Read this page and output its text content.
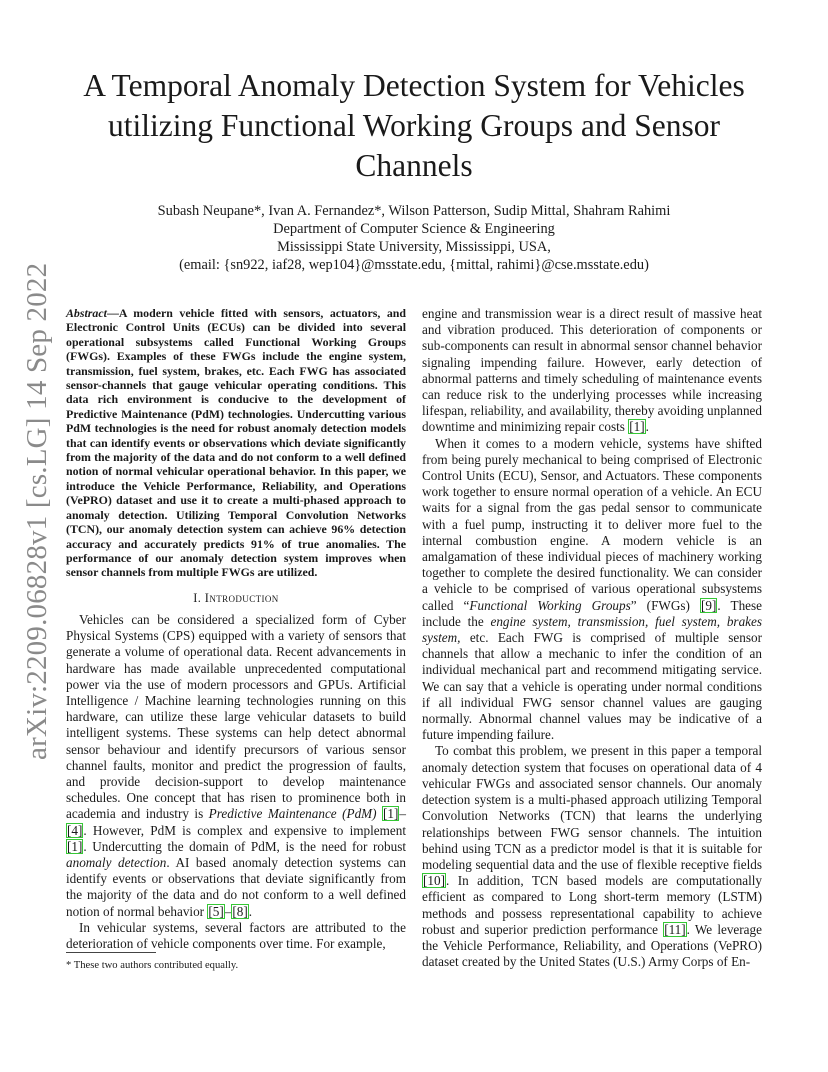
A Temporal Anomaly Detection System for Vehicles utilizing Functional Working Groups and Sensor Channels
Subash Neupane*, Ivan A. Fernandez*, Wilson Patterson, Sudip Mittal, Shahram Rahimi
Department of Computer Science & Engineering
Mississippi State University, Mississippi, USA,
(email: {sn922, iaf28, wep104}@msstate.edu, {mittal, rahimi}@cse.msstate.edu)
arXiv:2209.06828v1 [cs.LG] 14 Sep 2022	Abstract—A modern vehicle fitted with sensors, actuators, and Electronic Control Units (ECUs) can be divided into several operational subsystems called Functional Working Groups (FWGs). Examples of these FWGs include the engine system, transmission, fuel system, brakes, etc. Each FWG has associated sensor-channels that gauge vehicular operating conditions. This data rich environment is conducive to the development of Predictive Maintenance (PdM) technologies. Undercutting various PdM technologies is the need for robust anomaly detection models that can identify events or observations which deviate significantly from the majority of the data and do not conform to a well defined notion of normal vehicular operational behavior. In this paper, we introduce the Vehicle Performance, Reliability, and Operations (VePRO) dataset and use it to create a multi-phased approach to anomaly detection. Utilizing Temporal Convolution Networks (TCN), our anomaly detection system can achieve 96% detection accuracy and accurately predicts 91% of true anomalies. The performance of our anomaly detection system improves when sensor channels from multiple FWGs are utilized.

I. Introduction

Vehicles can be considered a specialized form of Cyber Physical Systems (CPS) equipped with a variety of sensors that generate a volume of operational data. Recent advancements in hardware has made available unprecedented computational power via the use of modern processors and GPUs. Artificial Intelligence / Machine learning technologies running on this hardware, can utilize these large vehicular datasets to build intelligent systems. These systems can help detect abnormal sensor behaviour and identify precursors of various sensor channel faults, monitor and predict the progression of faults, and provide decision-support to develop maintenance schedules. One concept that has risen to prominence both in academia and industry is Predictive Maintenance (PdM) [1]–[4]. However, PdM is complex and expensive to implement [1]. Undercutting the domain of PdM, is the need for robust anomaly detection. AI based anomaly detection systems can identify events or observations that deviate significantly from the majority of the data and do not conform to a well defined notion of normal behavior [5]–[8].

In vehicular systems, several factors are attributed to the deterioration of vehicle components over time. For example,

* These two authors contributed equally.

engine and transmission wear is a direct result of massive heat and vibration produced. This deterioration of components or sub-components can result in abnormal sensor channel behavior signaling impending failure. However, early detection of abnormal patterns and timely scheduling of maintenance events can reduce risk to the underlying processes while increasing lifespan, reliability, and availability, thereby avoiding unplanned downtime and minimizing repair costs [1].

When it comes to a modern vehicle, systems have shifted from being purely mechanical to being comprised of Electronic Control Units (ECU), Sensor, and Actuators. These components work together to ensure normal operation of a vehicle. An ECU waits for a signal from the gas pedal sensor to communicate with a fuel pump, instructing it to deliver more fuel to the internal combustion engine. A modern vehicle is an amalgamation of these individual pieces of machinery working together to complete the desired functionality. We can consider a vehicle to be comprised of various operational subsystems called “Functional Working Groups” (FWGs) [9]. These include the engine system, transmission, fuel system, brakes system, etc. Each FWG is comprised of multiple sensor channels that allow a mechanic to infer the condition of an individual mechanical part and recommend mitigating service. We can say that a vehicle is operating under normal conditions if all individual FWG sensor channel values are gauging normally. Abnormal channel values may be indicative of a future impending failure.

To combat this problem, we present in this paper a temporal anomaly detection system that focuses on operational data of 4 vehicular FWGs and associated sensor channels. Our anomaly detection system is a multi-phased approach utilizing Temporal Convolution Networks (TCN) that learns the underlying relationships between FWG sensor channels. The intuition behind using TCN as a predictor model is that it is suitable for modeling sequential data and the use of flexible receptive fields [10]. In addition, TCN based models are computationally efficient as compared to Long short-term memory (LSTM) methods and possess representational capability to achieve robust and superior prediction performance [11]. We leverage the Vehicle Performance, Reliability, and Operations (VePRO) dataset created by the United States (U.S.) Army Corps of En-
